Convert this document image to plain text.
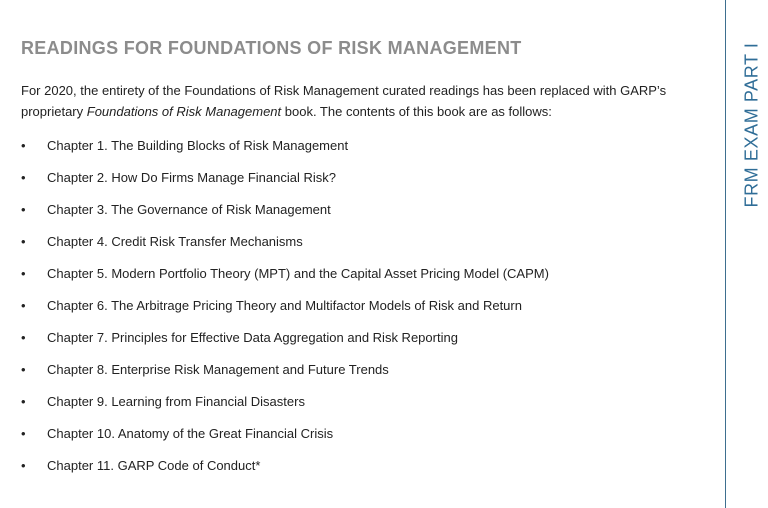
READINGS FOR FOUNDATIONS OF RISK MANAGEMENT

For 2020, the entirety of the Foundations of Risk Management curated readings has been replaced with GARP’s proprietary Foundations of Risk Management book. The contents of this book are as follows:

• Chapter 1. The Building Blocks of Risk Management
• Chapter 2. How Do Firms Manage Financial Risk?
• Chapter 3. The Governance of Risk Management
• Chapter 4. Credit Risk Transfer Mechanisms
• Chapter 5. Modern Portfolio Theory (MPT) and the Capital Asset Pricing Model (CAPM)
• Chapter 6. The Arbitrage Pricing Theory and Multifactor Models of Risk and Return
• Chapter 7. Principles for Effective Data Aggregation and Risk Reporting
• Chapter 8. Enterprise Risk Management and Future Trends
• Chapter 9. Learning from Financial Disasters
• Chapter 10. Anatomy of the Great Financial Crisis
• Chapter 11. GARP Code of Conduct*
FRM EXAM PART I
